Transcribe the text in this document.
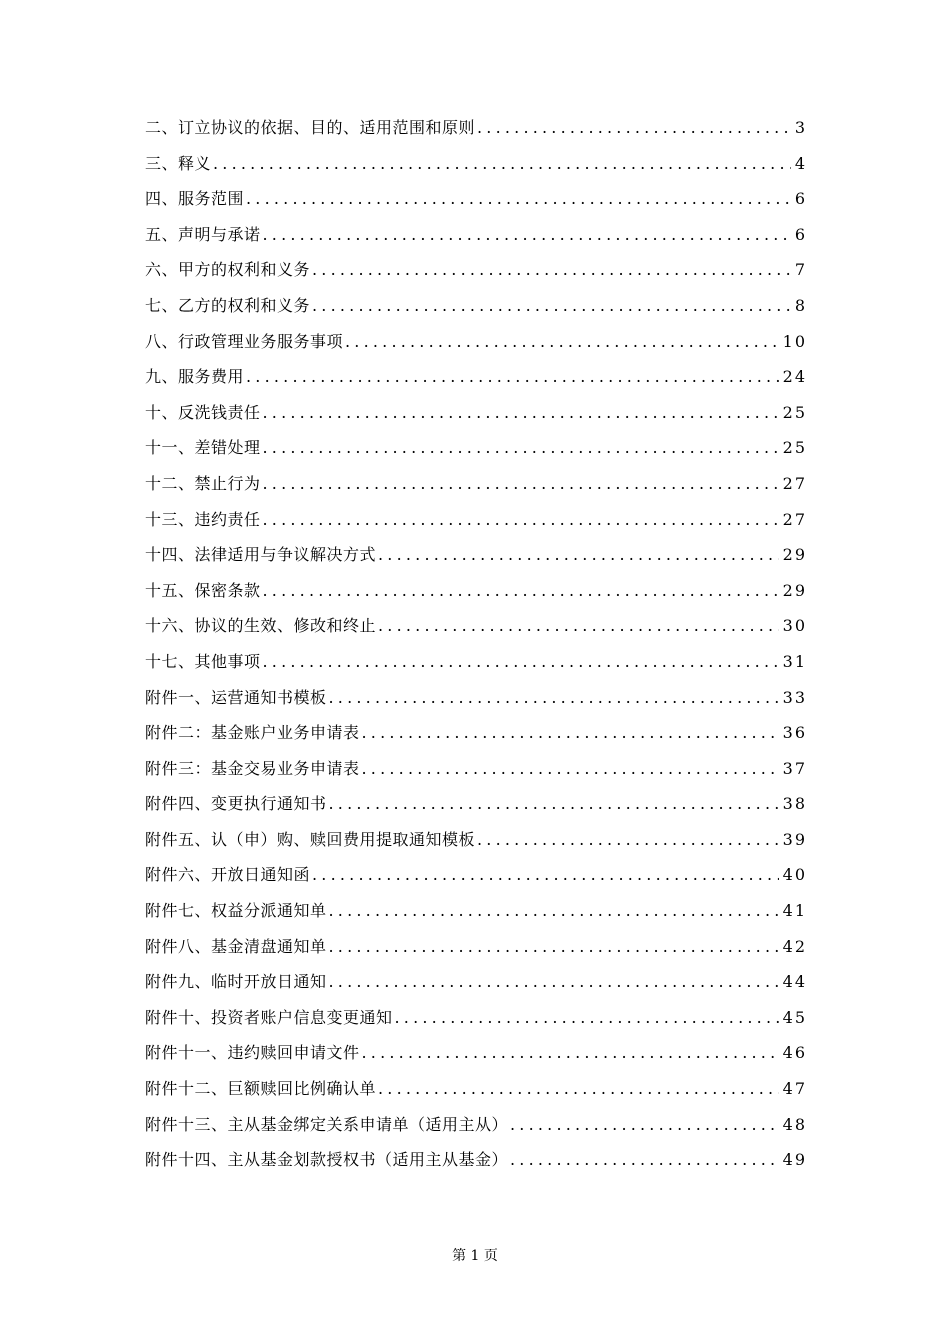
二、订立协议的依据、目的、适用范围和原则 .....	3
三、释义 .....	4
四、服务范围 .....	6
五、声明与承诺 .....	6
六、甲方的权利和义务 .....	7
七、乙方的权利和义务 .....	8
八、行政管理业务服务事项 .....	10
九、服务费用 .....	24
十、反洗钱责任 .....	25
十一、差错处理 .....	25
十二、禁止行为 .....	27
十三、违约责任 .....	27
十四、法律适用与争议解决方式 .....	29
十五、保密条款 .....	29
十六、协议的生效、修改和终止 .....	30
十七、其他事项 .....	31
附件一、运营通知书模板 .....	33
附件二：基金账户业务申请表 .....	36
附件三：基金交易业务申请表 .....	37
附件四、变更执行通知书 .....	38
附件五、认（申）购、赎回费用提取通知模板 .....	39
附件六、开放日通知函 .....	40
附件七、权益分派通知单 .....	41
附件八、基金清盘通知单 .....	42
附件九、临时开放日通知 .....	44
附件十、投资者账户信息变更通知 .....	45
附件十一、违约赎回申请文件 .....	46
附件十二、巨额赎回比例确认单 .....	47
附件十三、主从基金绑定关系申请单（适用主从） .....	48
附件十四、主从基金划款授权书（适用主从基金） .....	49
第 1 页
